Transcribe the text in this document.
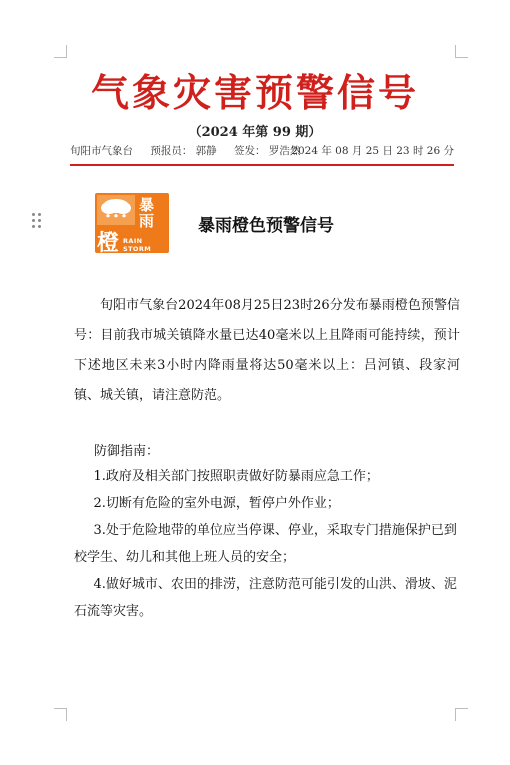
气象灾害预警信号
（2024 年第 99 期）
旬阳市气象台 预报员： 郭静 签发： 罗浩然
2024 年 08 月 25 日 23 时 26 分
暴
雨
橙 RAIN STORM
暴雨橙色预警信号
旬阳市气象台2024年08月25日23时26分发布暴雨橙色预警信号：目前我市城关镇降水量已达40毫米以上且降雨可能持续，预计下述地区未来3小时内降雨量将达50毫米以上：吕河镇、段家河镇、城关镇，请注意防范。
防御指南：

1.政府及相关部门按照职责做好防暴雨应急工作；

2.切断有危险的室外电源，暂停户外作业；

3.处于危险地带的单位应当停课、停业，采取专门措施保护已到校学生、幼儿和其他上班人员的安全；

4.做好城市、农田的排涝，注意防范可能引发的山洪、滑坡、泥石流等灾害。
